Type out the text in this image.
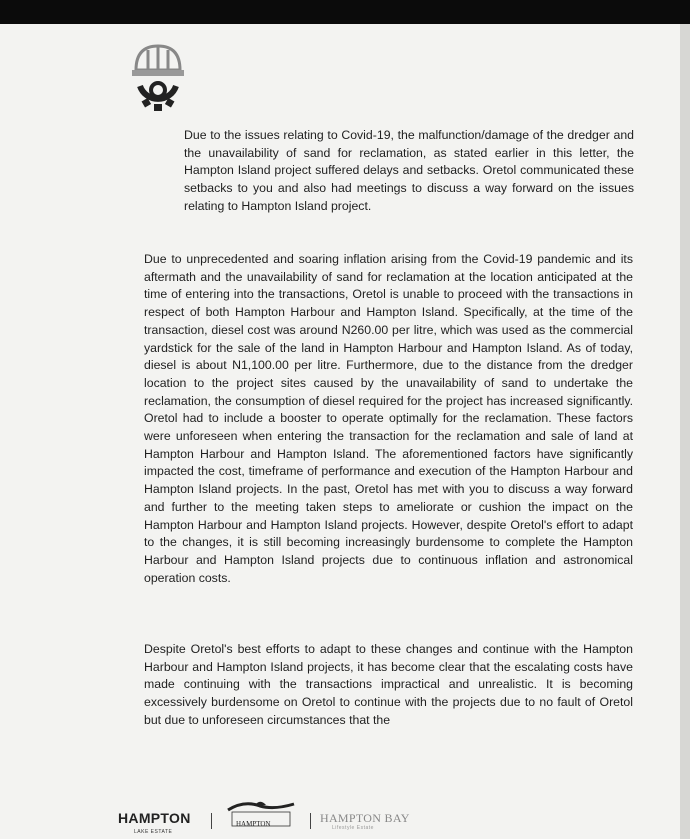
Due to the issues relating to Covid-19, the malfunction/damage of the dredger and the unavailability of sand for reclamation, as stated earlier in this letter, the Hampton Island project suffered delays and setbacks. Oretol communicated these setbacks to you and also had meetings to discuss a way forward on the issues relating to Hampton Island project.

Due to unprecedented and soaring inflation arising from the Covid-19 pandemic and its aftermath and the unavailability of sand for reclamation at the location anticipated at the time of entering into the transactions, Oretol is unable to proceed with the transactions in respect of both Hampton Harbour and Hampton Island. Specifically, at the time of the transaction, diesel cost was around N260.00 per litre, which was used as the commercial yardstick for the sale of the land in Hampton Harbour and Hampton Island. As of today, diesel is about N1,100.00 per litre. Furthermore, due to the distance from the dredger location to the project sites caused by the unavailability of sand to undertake the reclamation, the consumption of diesel required for the project has increased significantly. Oretol had to include a booster to operate optimally for the reclamation. These factors were unforeseen when entering the transaction for the reclamation and sale of land at Hampton Harbour and Hampton Island. The aforementioned factors have significantly impacted the cost, timeframe of performance and execution of the Hampton Harbour and Hampton Island projects. In the past, Oretol has met with you to discuss a way forward and further to the meeting taken steps to ameliorate or cushion the impact on the Hampton Harbour and Hampton Island projects. However, despite Oretol's effort to adapt to the changes, it is still becoming increasingly burdensome to complete the Hampton Harbour and Hampton Island projects due to continuous inflation and astronomical operation costs.

Despite Oretol's best efforts to adapt to these changes and continue with the Hampton Harbour and Hampton Island projects, it has become clear that the escalating costs have made continuing with the transactions impractical and unrealistic. It is becoming excessively burdensome on Oretol to continue with the projects due to no fault of Oretol but due to unforeseen circumstances that the

HAMPTON
LAKE ESTATE
HAMPTON	HAMPTON BAY
Lifestyle Estate
